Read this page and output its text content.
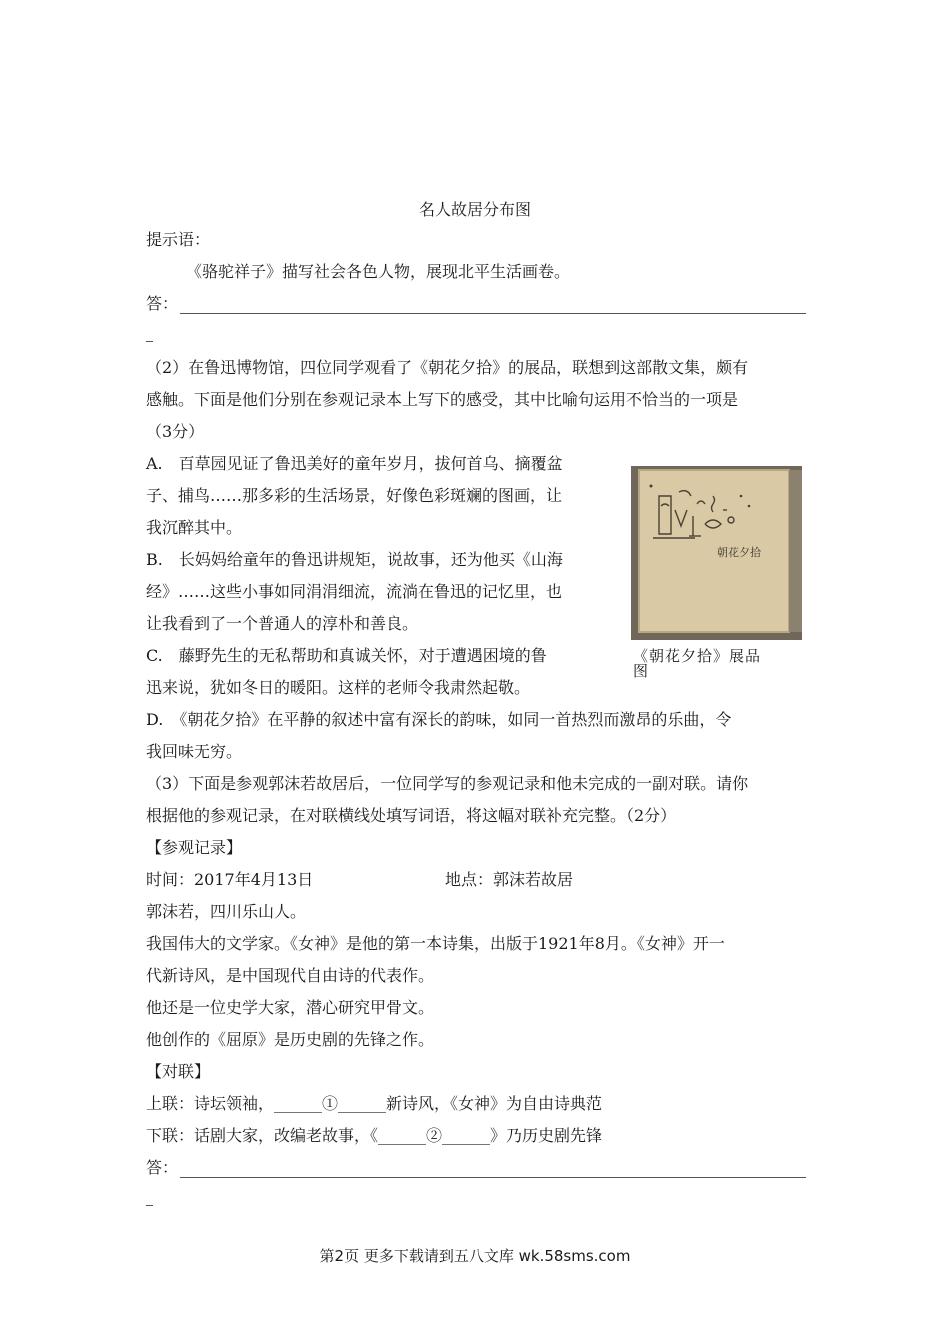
名人故居分布图
提示语：
《骆驼祥子》描写社会各色人物，展现北平生活画卷。
答：
（2）在鲁迅博物馆，四位同学观看了《朝花夕拾》的展品，联想到这部散文集，颇有
感触。下面是他们分别在参观记录本上写下的感受，其中比喻句运用不恰当的一项是
（3分）
A.　百草园见证了鲁迅美好的童年岁月，拔何首乌、摘覆盆
子、捕鸟……那多彩的生活场景，好像色彩斑斓的图画，让
我沉醉其中。
B.　长妈妈给童年的鲁迅讲规矩，说故事，还为他买《山海
经》……这些小事如同涓涓细流，流淌在鲁迅的记忆里，也
让我看到了一个普通人的淳朴和善良。
C.　藤野先生的无私帮助和真诚关怀，对于遭遇困境的鲁
迅来说，犹如冬日的暖阳。这样的老师令我肃然起敬。
D.　《朝花夕拾》在平静的叙述中富有深长的韵味，如同一首热烈而激昂的乐曲，令
我回味无穷。
朝花夕拾
《朝花夕拾》展品
图
（3）下面是参观郭沫若故居后，一位同学写的参观记录和他未完成的一副对联。请你
根据他的参观记录，在对联横线处填写词语，将这幅对联补充完整。（2分）
【参观记录】
时间：2017年4月13日	地点：郭沫若故居
郭沫若，四川乐山人。
我国伟大的文学家。《女神》是他的第一本诗集，出版于1921年8月。《女神》开一
代新诗风，是中国现代自由诗的代表作。
他还是一位史学大家，潜心研究甲骨文。
他创作的《屈原》是历史剧的先锋之作。
【对联】
上联：诗坛领袖，______①______新诗风，《女神》为自由诗典范
下联：话剧大家，改编老故事，《______②______》乃历史剧先锋
答：
第2页 更多下载请到五八文库 wk.58sms.com
